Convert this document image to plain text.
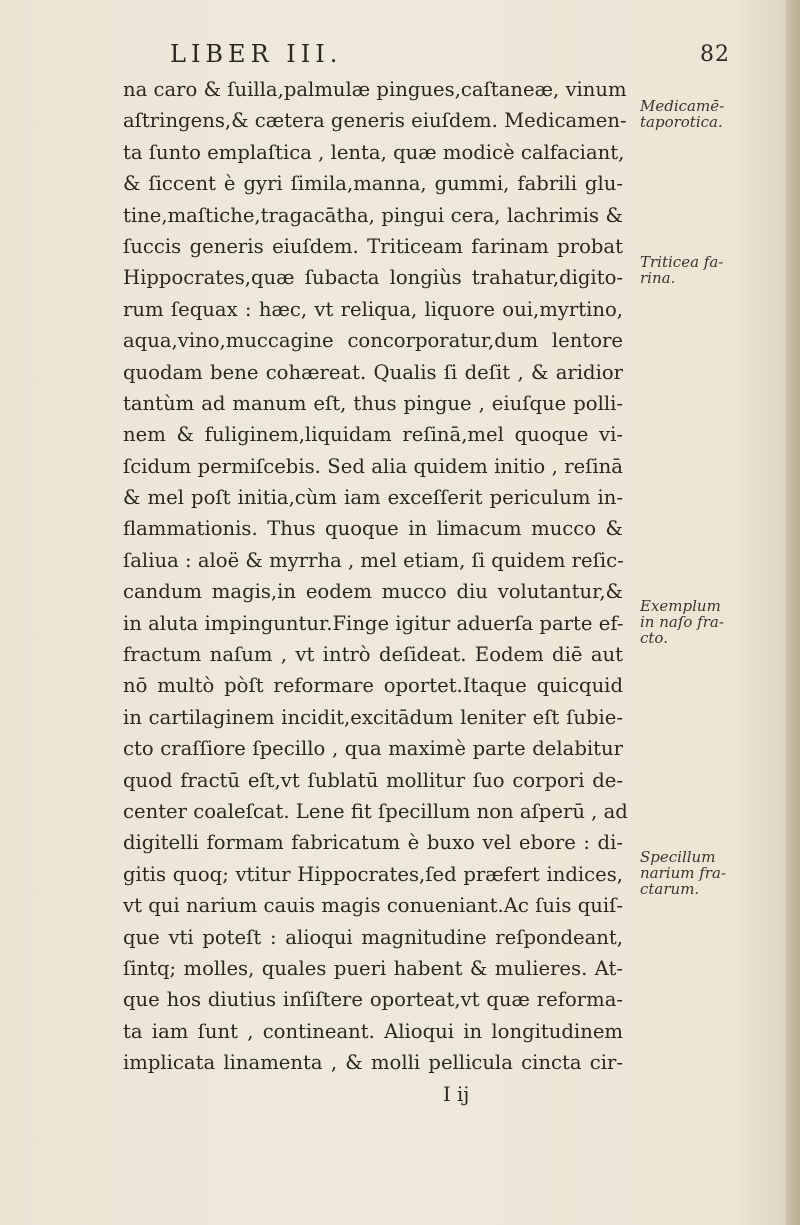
LIBER III.	82
na caro & ſuilla,palmulæ pingues,caſtaneæ, vinum
aſtringens,& cætera generis eiuſdem. Medicamen-
ta ſunto emplaſtica , lenta, quæ modicè calfaciant,
& ſiccent è gyri ſimila,manna, gummi, fabrili glu-
tine,maſtiche,tragacātha, pingui cera, lachrimis &
ſuccis generis eiuſdem. Triticeam farinam probat
Hippocrates,quæ ſubacta longiùs trahatur,digito-
rum ſequax : hæc, vt reliqua, liquore oui,myrtino,
aqua,vino,muccagine concorporatur,dum lentore
quodam bene cohæreat. Qualis ſi deſit , & aridior
tantùm ad manum eſt, thus pingue , eiuſque polli-
nem & fuliginem,liquidam reſinā,mel quoque vi-
ſcidum permiſcebis. Sed alia quidem initio , reſinā
& mel poſt initia,cùm iam exceſſerit periculum in-
flammationis. Thus quoque in limacum mucco &
ſaliua : aloë & myrrha , mel etiam, ſi quidem reſic-
candum magis,in eodem mucco diu volutantur,&
in aluta impinguntur.Finge igitur aduerſa parte ef-
fractum naſum , vt intrò deſideat. Eodem diē aut
nō multò pòſt reformare oportet.Itaque quicquid
in cartilaginem incidit,excitādum leniter eſt ſubie-
cto craſſiore ſpecillo , qua maximè parte delabitur
quod fractū eſt,vt ſublatū mollitur ſuo corpori de-
center coaleſcat. Lene fit ſpecillum non aſperū , ad
digitelli formam fabricatum è buxo vel ebore : di-
gitis quoq; vtitur Hippocrates,ſed præfert indices,
vt qui narium cauis magis conueniant.Ac ſuis quiſ-
que vti poteſt : alioqui magnitudine reſpondeant,
ſintq; molles, quales pueri habent & mulieres. At-
que hos diutius inſiſtere oporteat,vt quæ reforma-
ta iam ſunt , contineant. Alioqui in longitudinem
implicata linamenta , & molli pellicula cincta cir-
I ij
Medicamē-
taporotica.
Triticea fa-
rina.
Exemplum
in naſo fra-
cto.
Specillum
narium fra-
ctarum.
